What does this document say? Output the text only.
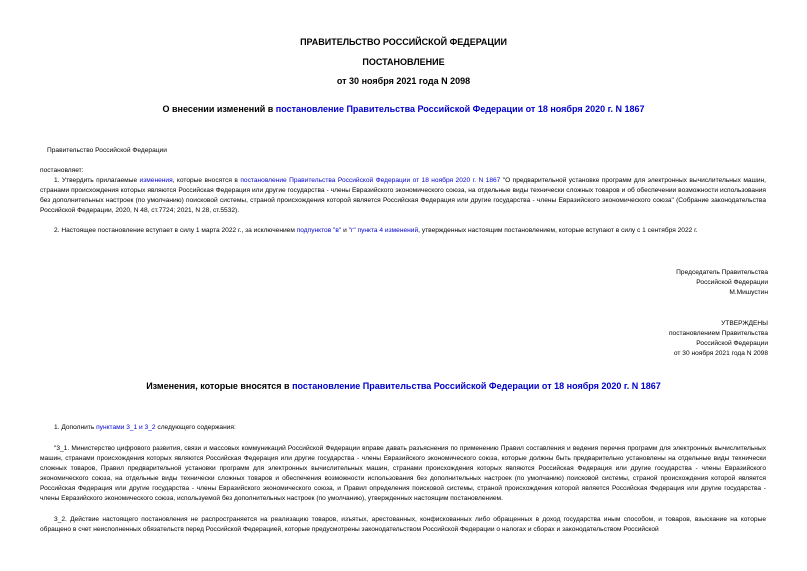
ПРАВИТЕЛЬСТВО РОССИЙСКОЙ ФЕДЕРАЦИИ
ПОСТАНОВЛЕНИЕ
от 30 ноября 2021 года N 2098
О внесении изменений в постановление Правительства Российской Федерации от 18 ноября 2020 г. N 1867
Правительство Российской Федерации
постановляет:
1. Утвердить прилагаемые изменения, которые вносятся в постановление Правительства Российской Федерации от 18 ноября 2020 г. N 1867 "О предварительной установке программ для электронных вычислительных машин, странами происхождения которых являются Российская Федерация или другие государства - члены Евразийского экономического союза, на отдельные виды технически сложных товаров и об обеспечении возможности использования без дополнительных настроек (по умолчанию) поисковой системы, страной происхождения которой является Российская Федерация или другие государства - члены Евразийского экономического союза" (Собрание законодательства Российской Федерации, 2020, N 48, ст.7724; 2021, N 28, ст.5532).
2. Настоящее постановление вступает в силу 1 марта 2022 г., за исключением подпунктов "в" и "г" пункта 4 изменений, утвержденных настоящим постановлением, которые вступают в силу с 1 сентября 2022 г.
Председатель Правительства
Российской Федерации
М.Мишустин
УТВЕРЖДЕНЫ
постановлением Правительства
Российской Федерации
от 30 ноября 2021 года N 2098
Изменения, которые вносятся в постановление Правительства Российской Федерации от 18 ноября 2020 г. N 1867
1. Дополнить пунктами 3_1 и 3_2 следующего содержания:
"3_1. Министерство цифрового развития, связи и массовых коммуникаций Российской Федерации вправе давать разъяснения по применению Правил составления и ведения перечня программ для электронных вычислительных машин, странами происхождения которых являются Российская Федерация или другие государства - члены Евразийского экономического союза, которые должны быть предварительно установлены на отдельные виды технически сложных товаров, Правил предварительной установки программ для электронных вычислительных машин, странами происхождения которых являются Российская Федерация или другие государства - члены Евразийского экономического союза, на отдельные виды технически сложных товаров и обеспечения возможности использования без дополнительных настроек (по умолчанию) поисковой системы, страной происхождения которой является Российская Федерация или другие государства - члены Евразийского экономического союза, и Правил определения поисковой системы, страной происхождения которой является Российская Федерация или другие государства - члены Евразийского экономического союза, используемой без дополнительных настроек (по умолчанию), утвержденных настоящим постановлением.
3_2. Действие настоящего постановления не распространяется на реализацию товаров, изъятых, арестованных, конфискованных либо обращенных в доход государства иным способом, и товаров, взыскание на которые обращено в счет неисполненных обязательств перед Российской Федерацией, которые предусмотрены законодательством Российской Федерации о налогах и сборах и законодательством Российской
